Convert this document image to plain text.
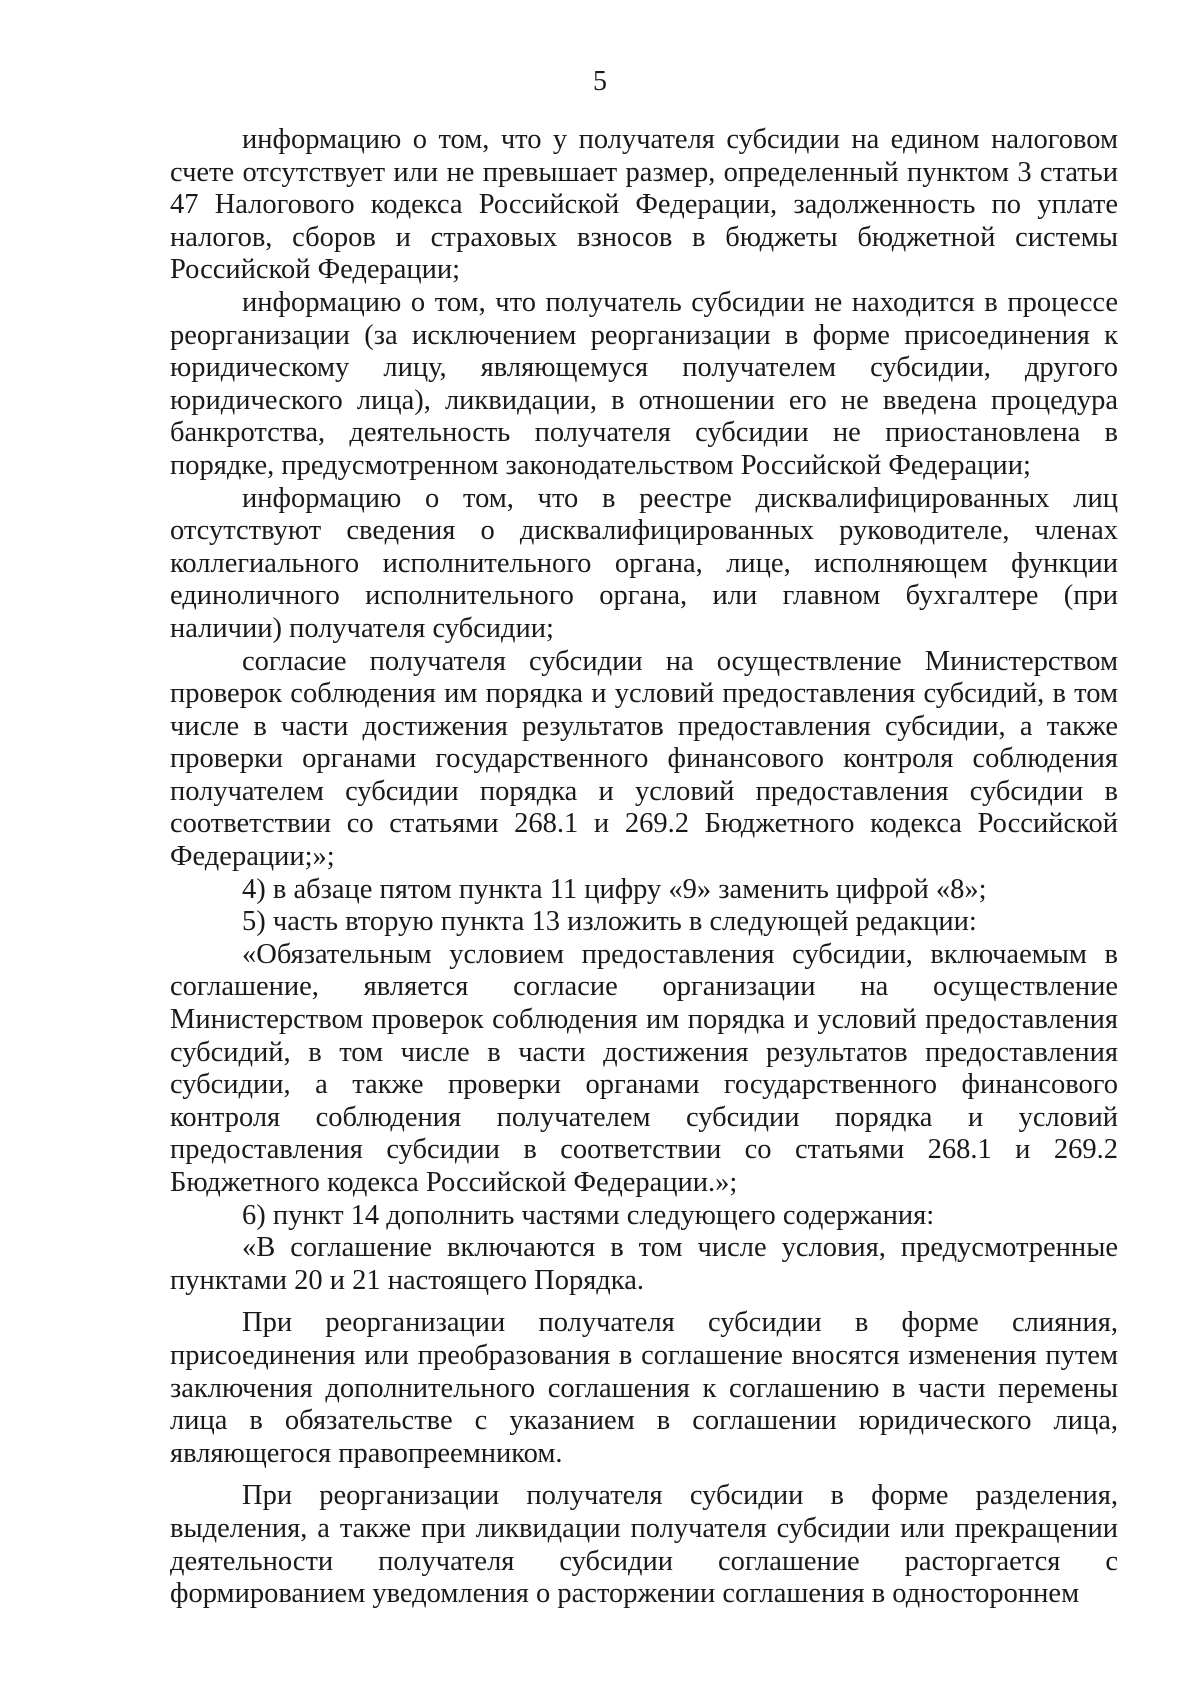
5

информацию о том, что у получателя субсидии на едином налоговом счете отсутствует или не превышает размер, определенный пунктом 3 статьи 47 Налогового кодекса Российской Федерации, задолженность по уплате налогов, сборов и страховых взносов в бюджеты бюджетной системы Российской Федерации;

информацию о том, что получатель субсидии не находится в процессе реорганизации (за исключением реорганизации в форме присоединения к юридическому лицу, являющемуся получателем субсидии, другого юридического лица), ликвидации, в отношении его не введена процедура банкротства, деятельность получателя субсидии не приостановлена в порядке, предусмотренном законодательством Российской Федерации;

информацию о том, что в реестре дисквалифицированных лиц отсутствуют сведения о дисквалифицированных руководителе, членах коллегиального исполнительного органа, лице, исполняющем функции единоличного исполнительного органа, или главном бухгалтере (при наличии) получателя субсидии;

согласие получателя субсидии на осуществление Министерством проверок соблюдения им порядка и условий предоставления субсидий, в том числе в части достижения результатов предоставления субсидии, а также проверки органами государственного финансового контроля соблюдения получателем субсидии порядка и условий предоставления субсидии в соответствии со статьями 268.1 и 269.2 Бюджетного кодекса Российской Федерации;»;

4) в абзаце пятом пункта 11 цифру «9» заменить цифрой «8»;

5) часть вторую пункта 13 изложить в следующей редакции:

«Обязательным условием предоставления субсидии, включаемым в соглашение, является согласие организации на осуществление Министерством проверок соблюдения им порядка и условий предоставления субсидий, в том числе в части достижения результатов предоставления субсидии, а также проверки органами государственного финансового контроля соблюдения получателем субсидии порядка и условий предоставления субсидии в соответствии со статьями 268.1 и 269.2 Бюджетного кодекса Российской Федерации.»;

6) пункт 14 дополнить частями следующего содержания:

«В соглашение включаются в том числе условия, предусмотренные пунктами 20 и 21 настоящего Порядка.

При реорганизации получателя субсидии в форме слияния, присоединения или преобразования в соглашение вносятся изменения путем заключения дополнительного соглашения к соглашению в части перемены лица в обязательстве с указанием в соглашении юридического лица, являющегося правопреемником.

При реорганизации получателя субсидии в форме разделения, выделения, а также при ликвидации получателя субсидии или прекращении деятельности получателя субсидии соглашение расторгается с формированием уведомления о расторжении соглашения в одностороннем
